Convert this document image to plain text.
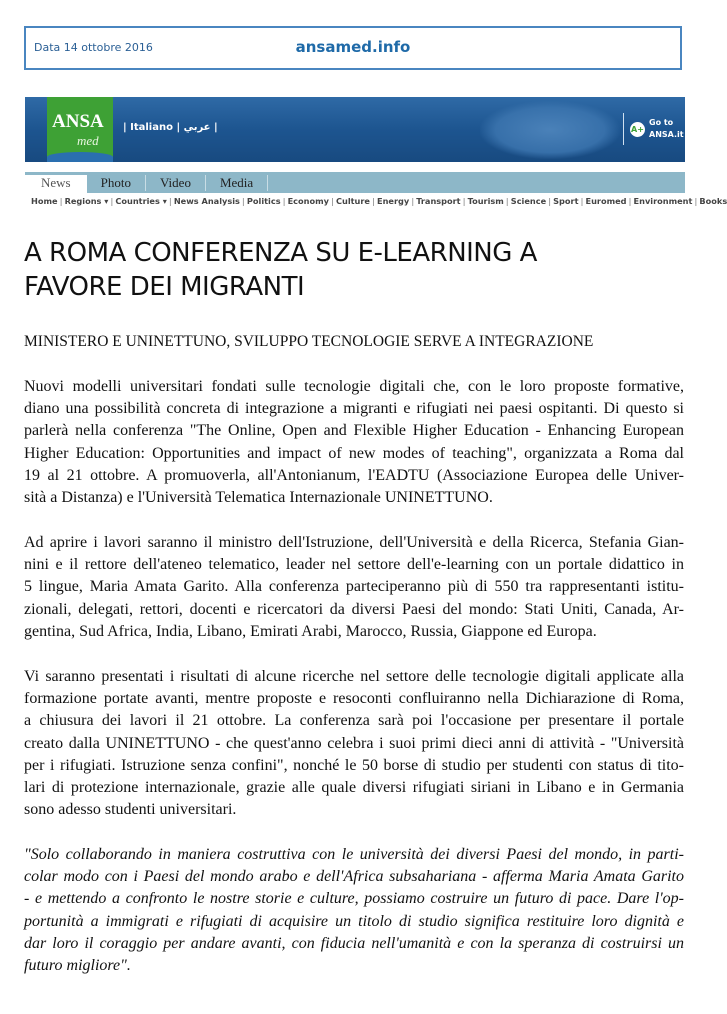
Data 14 ottobre 2016	ansamed.info
ANSA
med
| Italiano | عربي |	A+
Go to
ANSA.it
News	Photo	Video	Media
Home | Regions ▾ | Countries ▾ | News Analysis | Politics | Economy | Culture | Energy | Transport | Tourism | Science | Sport | Euromed | Environment | Books
A ROMA CONFERENZA SU E-LEARNING A
FAVORE DEI MIGRANTI
MINISTERO E UNINETTUNO, SVILUPPO TECNOLOGIE SERVE A INTEGRAZIONE
Nuovi modelli universitari fondati sulle tecnologie digitali che, con le loro proposte formative,
diano una possibilità concreta di integrazione a migranti e rifugiati nei paesi ospitanti. Di questo si
parlerà nella conferenza "The Online, Open and Flexible Higher Education - Enhancing European
Higher Education: Opportunities and impact of new modes of teaching", organizzata a Roma dal
19 al 21 ottobre. A promuoverla, all'Antonianum, l'EADTU (Associazione Europea delle Univer-
sità a Distanza) e l'Università Telematica Internazionale UNINETTUNO.
Ad aprire i lavori saranno il ministro dell'Istruzione, dell'Università e della Ricerca, Stefania Gian-
nini e il rettore dell'ateneo telematico, leader nel settore dell'e-learning con un portale didattico in
5 lingue, Maria Amata Garito. Alla conferenza parteciperanno più di 550 tra rappresentanti istitu-
zionali, delegati, rettori, docenti e ricercatori da diversi Paesi del mondo: Stati Uniti, Canada, Ar-
gentina, Sud Africa, India, Libano, Emirati Arabi, Marocco, Russia, Giappone ed Europa.
Vi saranno presentati i risultati di alcune ricerche nel settore delle tecnologie digitali applicate alla
formazione portate avanti, mentre proposte e resoconti confluiranno nella Dichiarazione di Roma,
a chiusura dei lavori il 21 ottobre. La conferenza sarà poi l'occasione per presentare il portale
creato dalla UNINETTUNO - che quest'anno celebra i suoi primi dieci anni di attività - "Università
per i rifugiati. Istruzione senza confini", nonché le 50 borse di studio per studenti con status di tito-
lari di protezione internazionale, grazie alle quale diversi rifugiati siriani in Libano e in Germania
sono adesso studenti universitari.
"Solo collaborando in maniera costruttiva con le università dei diversi Paesi del mondo, in parti-
colar modo con i Paesi del mondo arabo e dell'Africa subsahariana - afferma Maria Amata Garito
- e mettendo a confronto le nostre storie e culture, possiamo costruire un futuro di pace. Dare l'op-
portunità a immigrati e rifugiati di acquisire un titolo di studio significa restituire loro dignità e
dar loro il coraggio per andare avanti, con fiducia nell'umanità e con la speranza di costruirsi un
futuro migliore".
